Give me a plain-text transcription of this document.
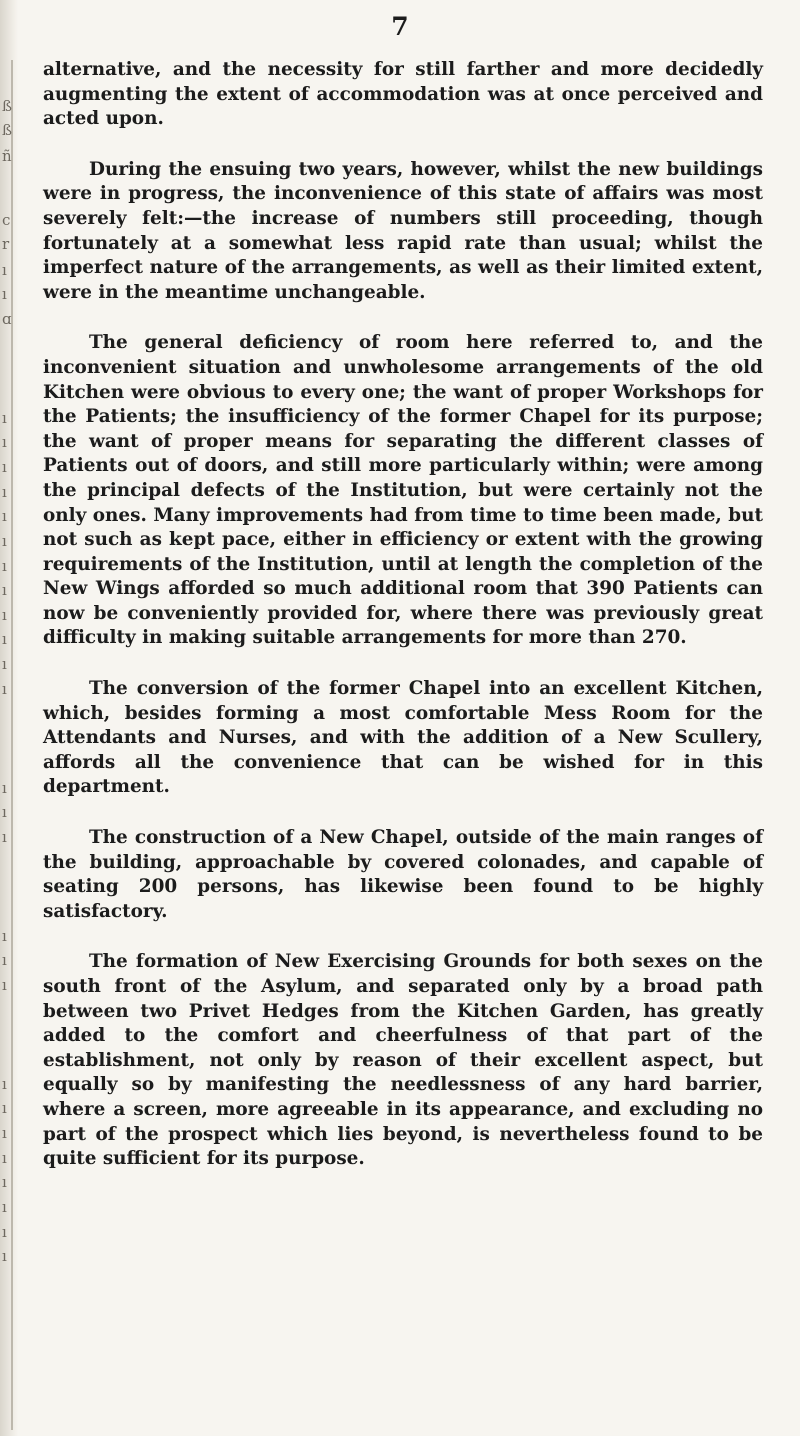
ß
ß
ñ
c
r
ı
ı
ɑ
ı
ı
ı
ı
ı
ı
ı
ı
ı
ı
ı
ı
ı
ı
ı
ı
ı
ı
ı
ı
ı
ı
ı
ı
ı
ı
7

alternative, and the necessity for still farther and more decidedly augmenting the extent of accommodation was at once perceived and acted upon.

During the ensuing two years, however, whilst the new buildings were in progress, the inconvenience of this state of affairs was most severely felt:—the increase of numbers still proceeding, though fortunately at a somewhat less rapid rate than usual; whilst the imperfect nature of the arrangements, as well as their limited extent, were in the meantime unchangeable.

The general deficiency of room here referred to, and the inconvenient situation and unwholesome arrangements of the old Kitchen were obvious to every one; the want of proper Workshops for the Patients; the insufficiency of the former Chapel for its purpose; the want of proper means for separating the different classes of Patients out of doors, and still more particularly within; were among the principal defects of the Institution, but were certainly not the only ones. Many improvements had from time to time been made, but not such as kept pace, either in efficiency or extent with the growing requirements of the Institution, until at length the completion of the New Wings afforded so much additional room that 390 Patients can now be conveniently provided for, where there was previously great difficulty in making suitable arrangements for more than 270.

The conversion of the former Chapel into an excellent Kitchen, which, besides forming a most comfortable Mess Room for the Attendants and Nurses, and with the addition of a New Scullery, affords all the convenience that can be wished for in this department.

The construction of a New Chapel, outside of the main ranges of the building, approachable by covered colonades, and capable of seating 200 persons, has likewise been found to be highly satisfactory.

The formation of New Exercising Grounds for both sexes on the south front of the Asylum, and separated only by a broad path between two Privet Hedges from the Kitchen Garden, has greatly added to the comfort and cheerfulness of that part of the establishment, not only by reason of their excellent aspect, but equally so by manifesting the needlessness of any hard barrier, where a screen, more agreeable in its appearance, and excluding no part of the prospect which lies beyond, is nevertheless found to be quite sufficient for its purpose.
